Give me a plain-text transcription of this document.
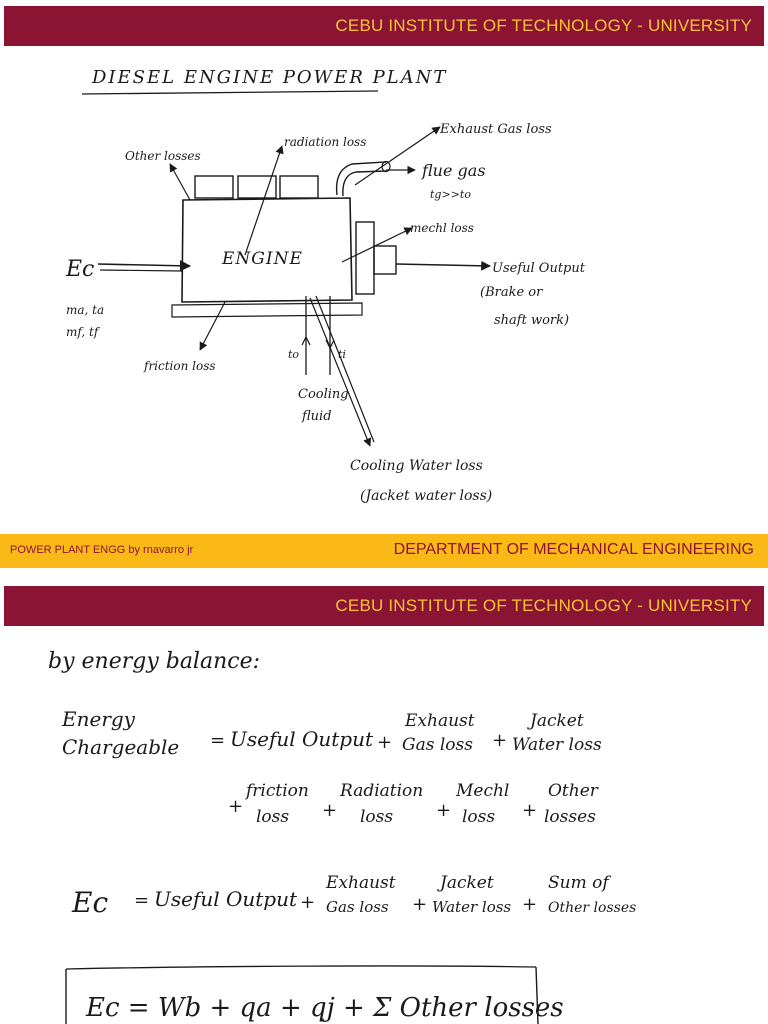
CEBU INSTITUTE OF TECHNOLOGY - UNIVERSITY
DIESEL ENGINE POWER PLANT
Other losses
radiation loss
Exhaust Gas loss
flue gas
tg>>to
mechl loss
ENGINE
Ec
ma, ta
mf, tf
Useful Output
(Brake or
shaft work)
friction loss
to	ti
Cooling
fluid
Cooling Water loss
(Jacket water loss)
POWER PLANT ENGG by rnavarro jr	DEPARTMENT OF MECHANICAL ENGINEERING
CEBU INSTITUTE OF TECHNOLOGY - UNIVERSITY
by energy balance:
Energy
Chargeable = Useful Output +
Exhaust
Gas loss +
Jacket
Water loss
+
friction
loss +
Radiation
loss +
Mechl
loss +
Other
losses
Ec = Useful Output +
Exhaust
Gas loss +
Jacket
Water loss +
Sum of
Other losses
Ec = Wb + qa + qj + Σ Other losses
